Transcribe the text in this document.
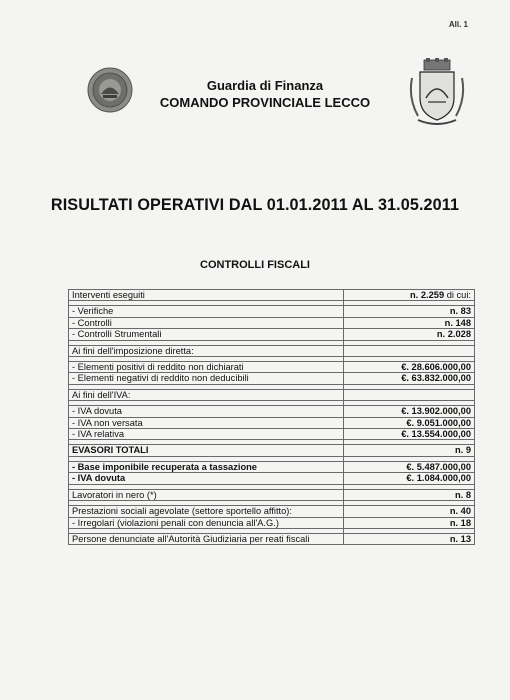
All. 1
Guardia di Finanza
COMANDO PROVINCIALE LECCO
RISULTATI OPERATIVI DAL 01.01.2011 AL 31.05.2011
CONTROLLI FISCALI
Interventi eseguiti	n. 2.259 di cui:

- Verifiche	n. 83
- Controlli	n. 148
- Controlli Strumentali	n. 2.028

Ai fini dell'imposizione diretta:	

- Elementi positivi di reddito non dichiarati	€. 28.606.000,00
- Elementi negativi di reddito non deducibili	€. 63.832.000,00

Ai fini dell'IVA:	

- IVA dovuta	€. 13.902.000,00
- IVA non versata	€. 9.051.000,00
- IVA relativa	€. 13.554.000,00

EVASORI TOTALI	n. 9

- Base imponibile recuperata a tassazione	€. 5.487.000,00
- IVA dovuta	€. 1.084.000,00

Lavoratori in nero (*)	n. 8

Prestazioni sociali agevolate (settore sportello affitto):	n. 40
- Irregolari (violazioni penali con denuncia all'A.G.)	n. 18

Persone denunciate all'Autorità Giudiziaria per reati fiscali	n. 13
